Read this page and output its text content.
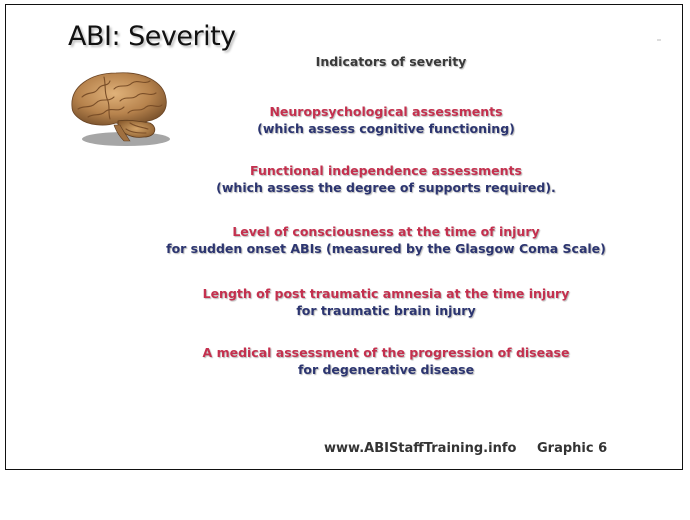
ABI: Severity
Indicators of severity
Neuropsychological assessments
(which assess cognitive functioning)
Functional independence assessments
(which assess the degree of supports required).
Level of consciousness at the time of injury
for sudden onset ABIs (measured by the Glasgow Coma Scale)
Length of post traumatic amnesia at the time injury
for traumatic brain injury
A medical assessment of the progression of disease
for degenerative disease
www.ABIStaffTraining.info Graphic 6
